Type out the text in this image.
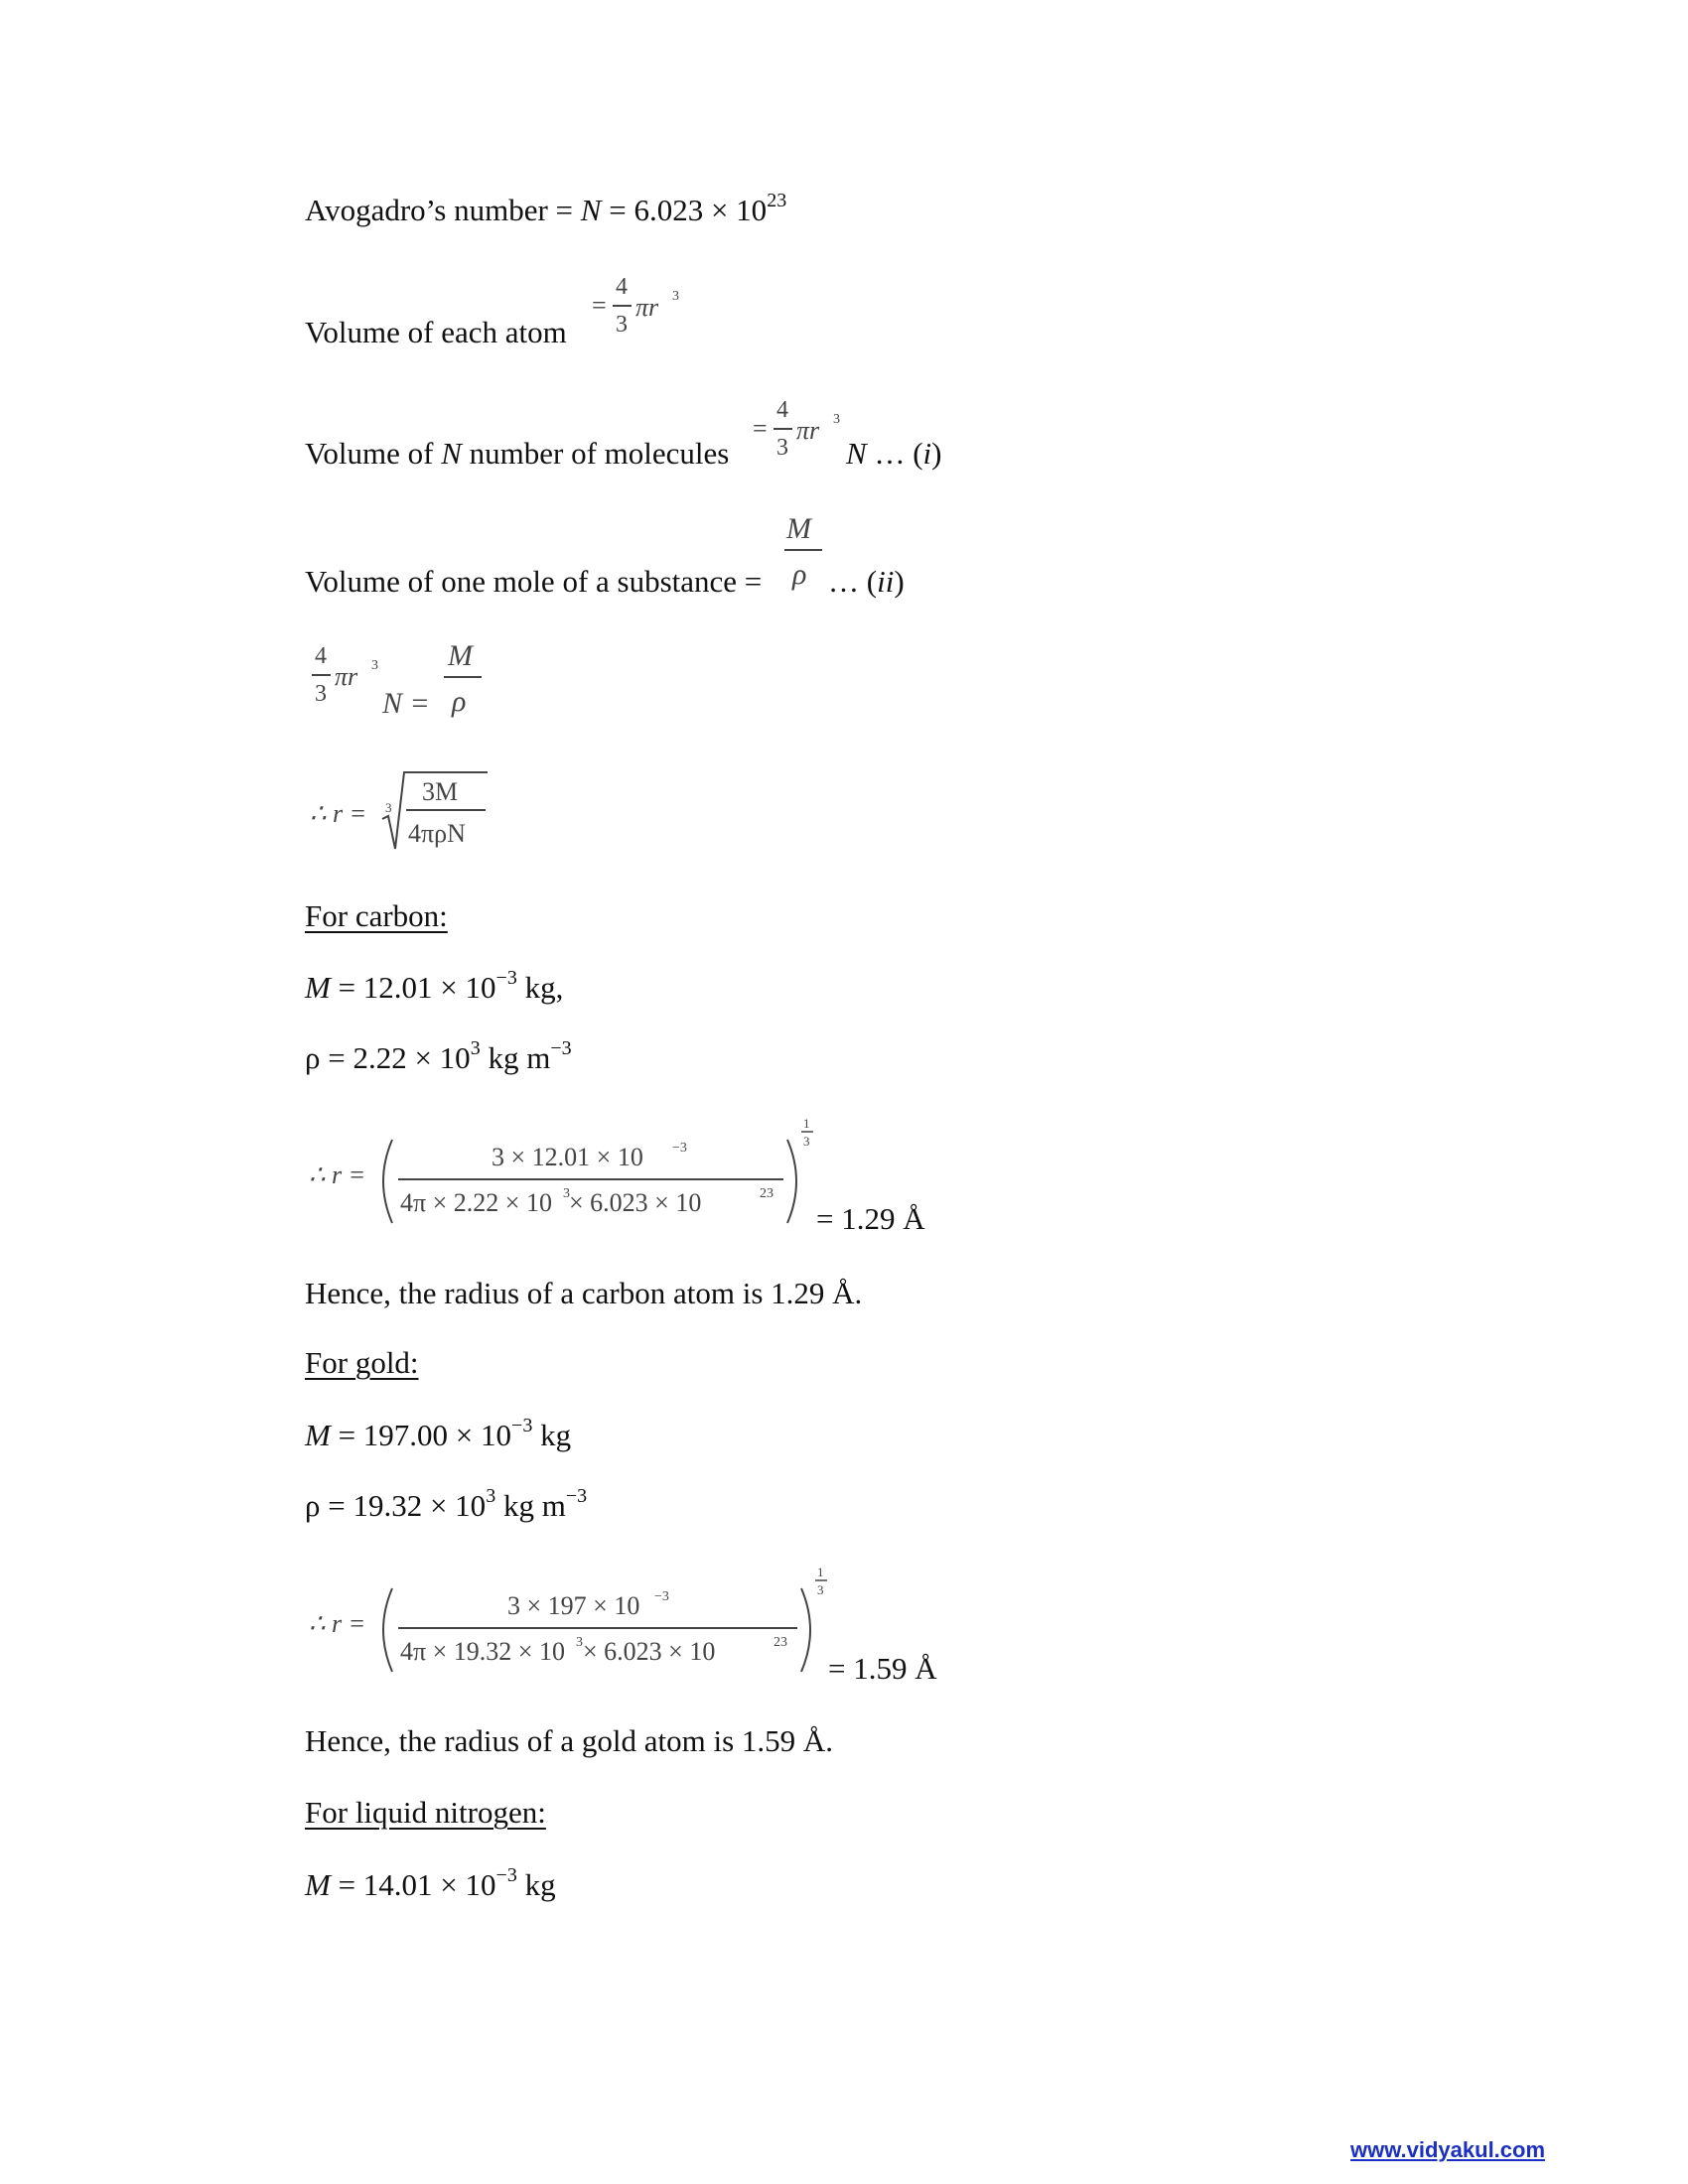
Avogadro’s number = $N = 6.023 \times 10^{23}$
Volume of each atom
=
4
3
πr 3
Volume of N number of molecules
=
4
3
πr 3
N … (i)
Volume of one mole of a substance =
M
ρ … (ii)
4
3
πr 3
N =
M
ρ
∴ r = 3
3M
4πρN
For carbon:
$M = 12.01 \times 10^{-3}$ kg,
$\rho = 2.22 \times 10^3$ kg $m^{-3}$
∴ r =
3 × 12.01 × 10 −3
4π × 2.22 × 10 3 × 6.023 × 10	23
1
3
= 1.29 Å
Hence, the radius of a carbon atom is 1.29 Å.
For gold:
$M = 197.00 \times 10^{-3}$ kg
$\rho = 19.32 \times 10^3$ kg $m^{-3}$
∴ r =
3 × 197 × 10 −3
4π × 19.32 × 10 3 × 6.023 × 10	23
1
3
= 1.59 Å
Hence, the radius of a gold atom is 1.59 Å.
For liquid nitrogen:
$M = 14.01 \times 10^{-3}$ kg
www.vidyakul.com
